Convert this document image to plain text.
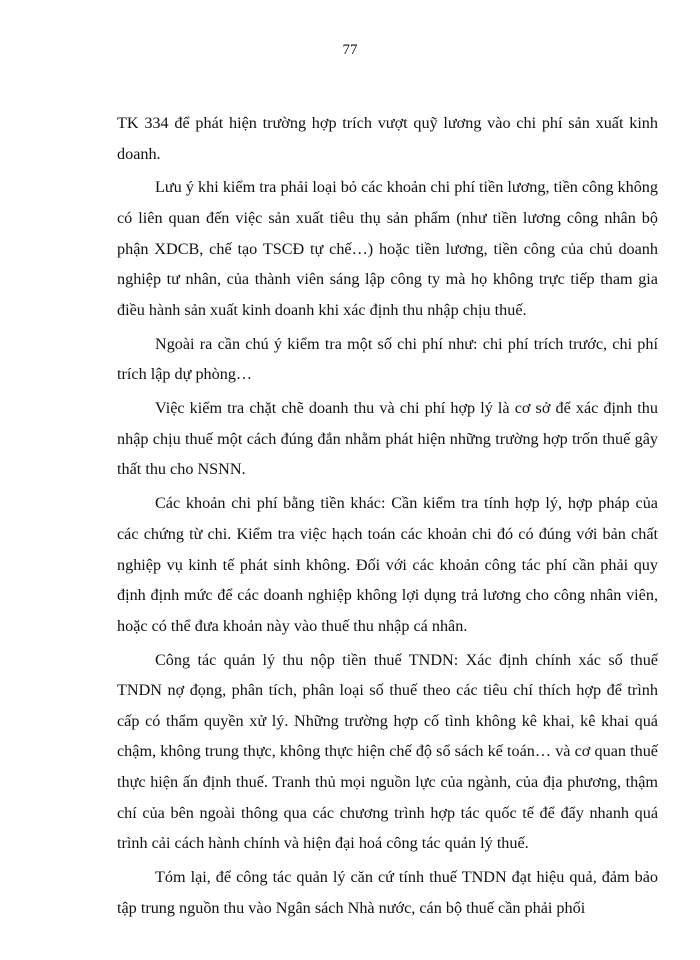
77

TK 334 để phát hiện trường hợp trích vượt quỹ lương vào chi phí sản xuất kinh doanh.

Lưu ý khi kiểm tra phải loại bỏ các khoản chi phí tiền lương, tiền công không có liên quan đến việc sản xuất tiêu thụ sản phẩm (như tiền lương công nhân bộ phận XDCB, chế tạo TSCĐ tự chế…) hoặc tiền lương, tiền công của chủ doanh nghiệp tư nhân, của thành viên sáng lập công ty mà họ không trực tiếp tham gia điều hành sản xuất kinh doanh khi xác định thu nhập chịu thuế.

Ngoài ra cần chú ý kiểm tra một số chi phí như: chi phí trích trước, chi phí trích lập dự phòng…

Việc kiểm tra chặt chẽ doanh thu và chi phí hợp lý là cơ sở để xác định thu nhập chịu thuế một cách đúng đắn nhằm phát hiện những trường hợp trốn thuế gây thất thu cho NSNN.

Các khoản chi phí bằng tiền khác: Cần kiểm tra tính hợp lý, hợp pháp của các chứng từ chi. Kiểm tra việc hạch toán các khoản chi đó có đúng với bản chất nghiệp vụ kinh tế phát sinh không. Đối với các khoản công tác phí cần phải quy định định mức để các doanh nghiệp không lợi dụng trả lương cho công nhân viên, hoặc có thể đưa khoản này vào thuế thu nhập cá nhân.

Công tác quản lý thu nộp tiền thuế TNDN: Xác định chính xác số thuế TNDN nợ đọng, phân tích, phân loại số thuế theo các tiêu chí thích hợp để trình cấp có thẩm quyền xử lý. Những trường hợp cố tình không kê khai, kê khai quá chậm, không trung thực, không thực hiện chế độ sổ sách kế toán… và cơ quan thuế thực hiện ấn định thuế. Tranh thủ mọi nguồn lực của ngành, của địa phương, thậm chí của bên ngoài thông qua các chương trình hợp tác quốc tế để đẩy nhanh quá trình cải cách hành chính và hiện đại hoá công tác quản lý thuế.

Tóm lại, để công tác quản lý căn cứ tính thuế TNDN đạt hiệu quả, đảm bảo tập trung nguồn thu vào Ngân sách Nhà nước, cán bộ thuế cần phải phối
